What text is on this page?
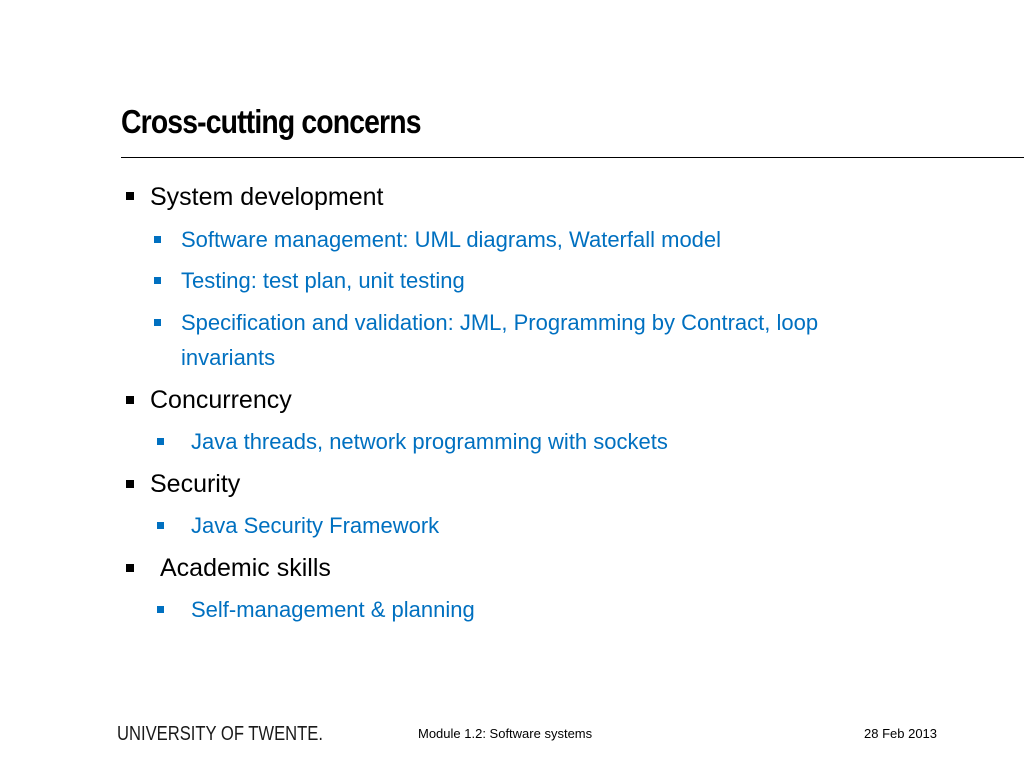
Cross-cutting concerns
System development
Software management: UML diagrams, Waterfall model
Testing: test plan, unit testing
Specification and validation: JML, Programming by Contract, loop
invariants
Concurrency
Java threads, network programming with sockets
Security
Java Security Framework
Academic skills
Self-management & planning
UNIVERSITY OF TWENTE.	Module 1.2: Software systems	28 Feb 2013
